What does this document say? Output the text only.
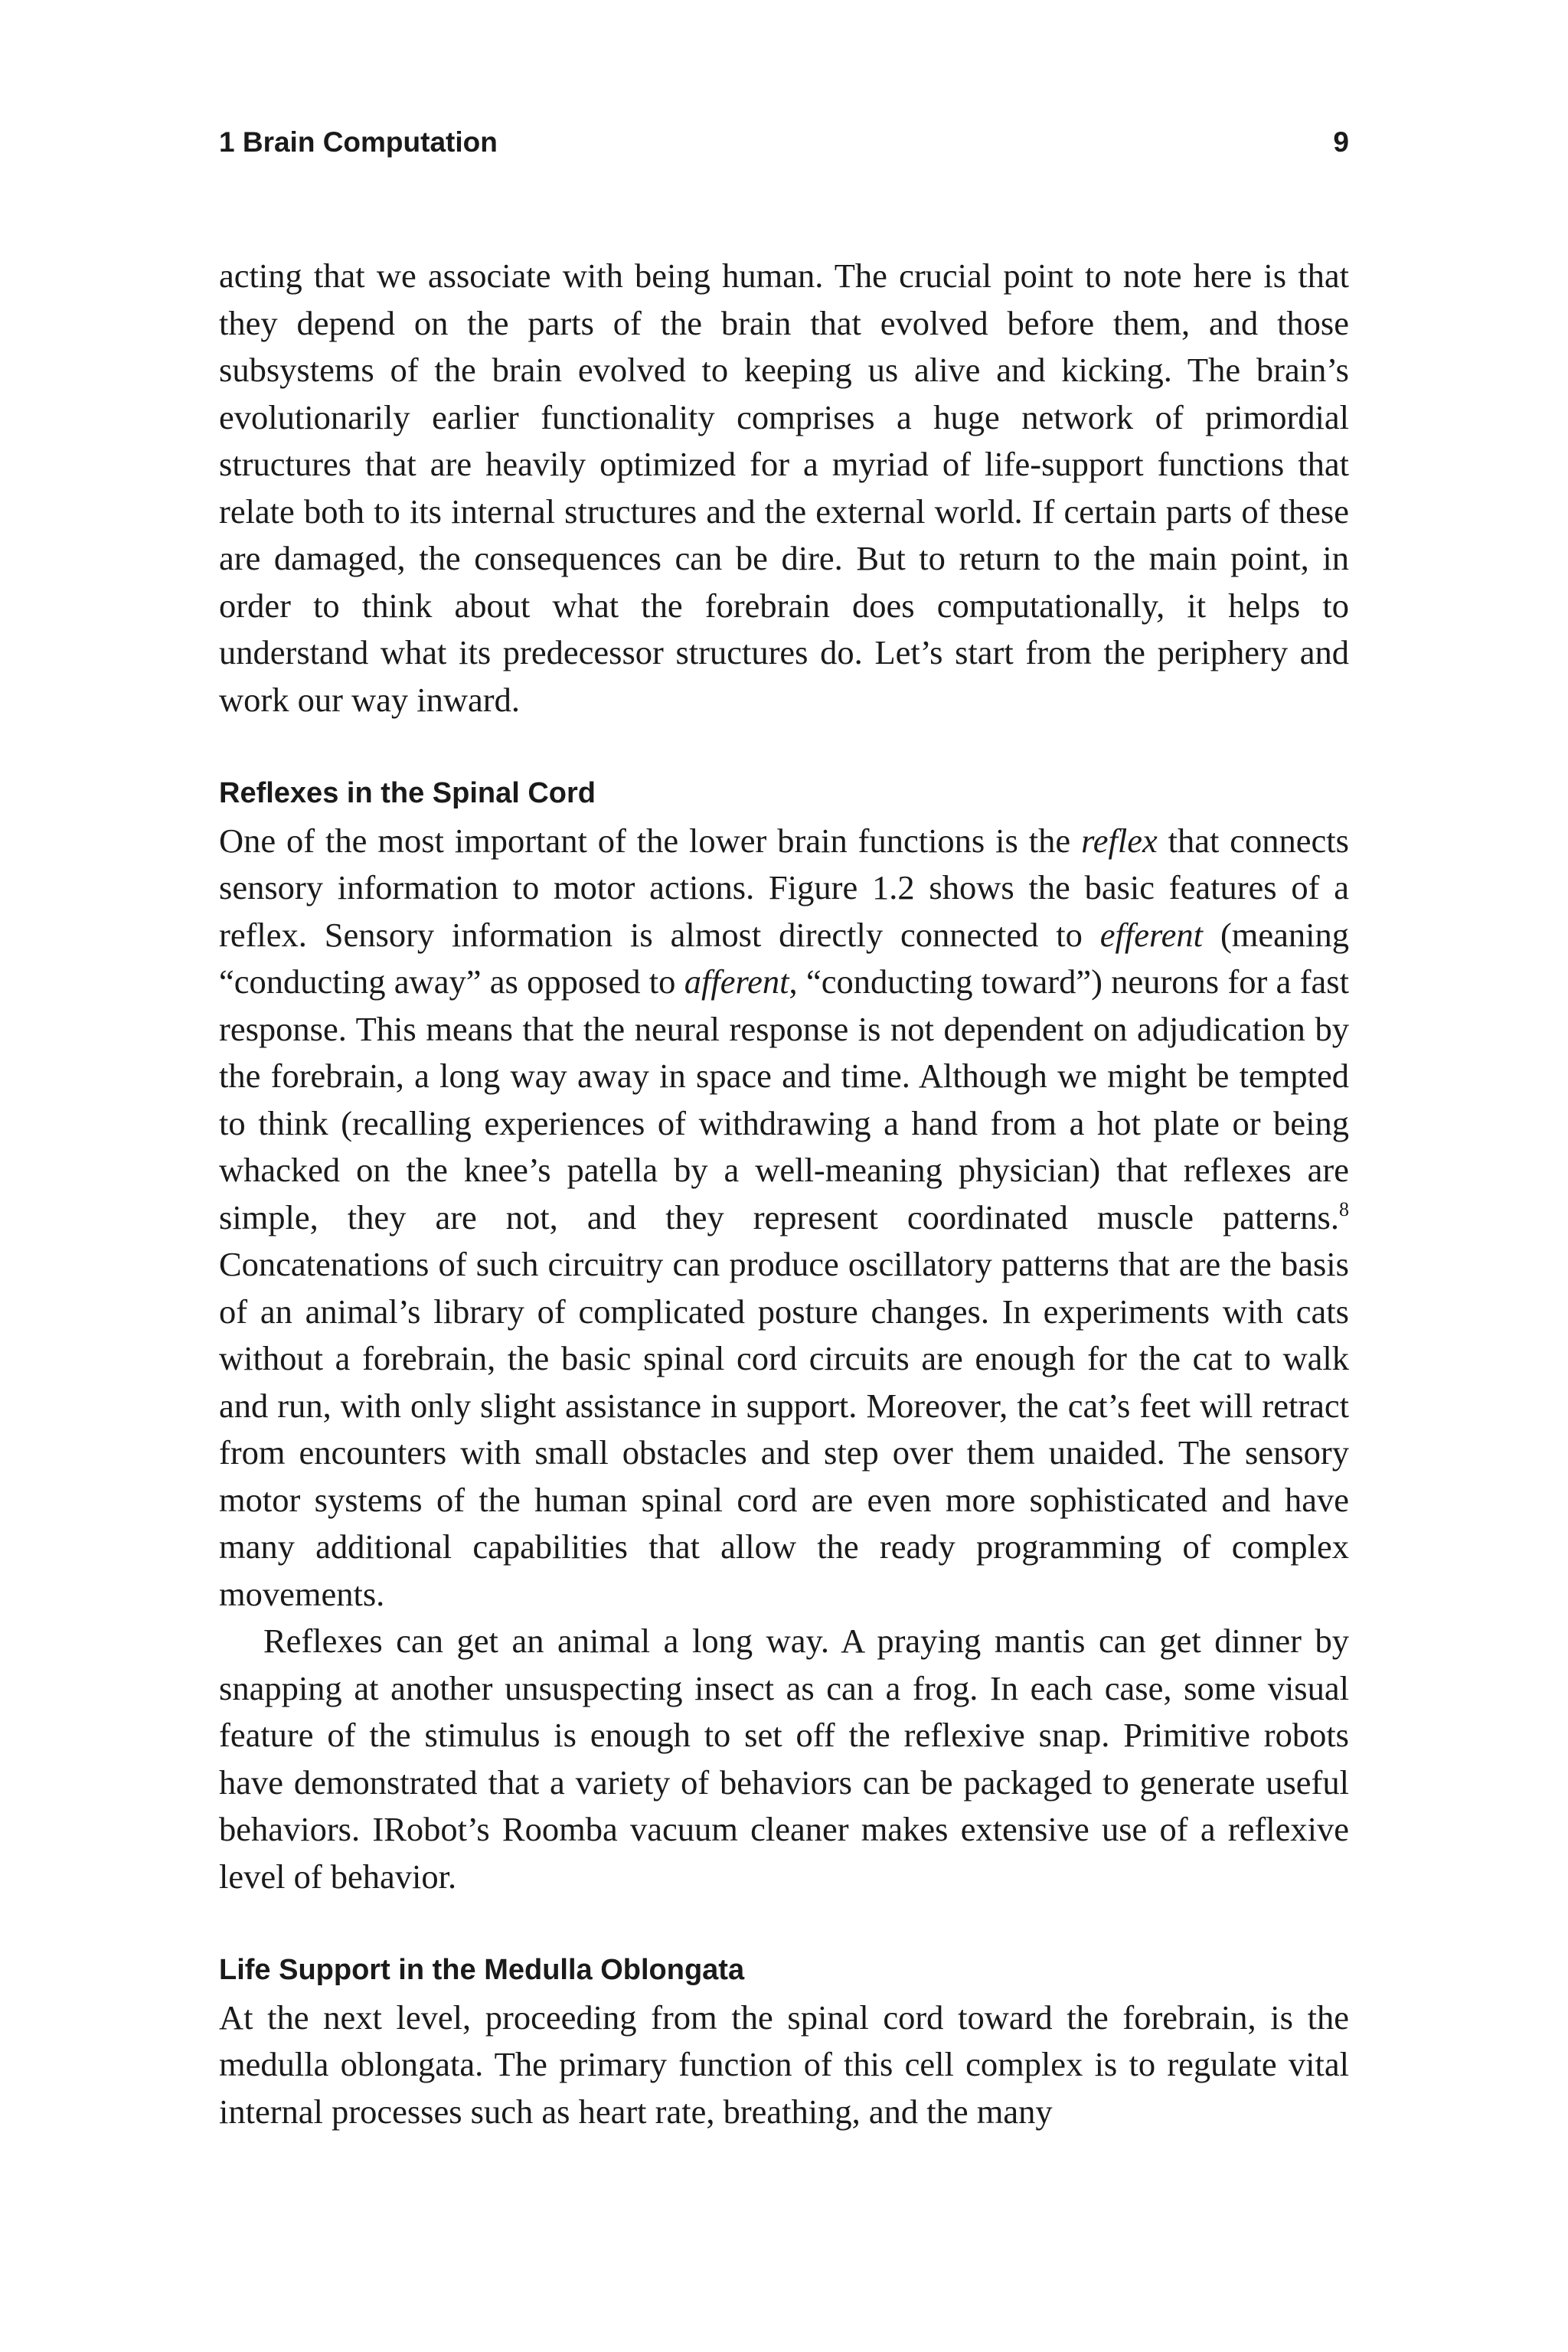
1 Brain Computation	9

acting that we associate with being human. The crucial point to note here is that they depend on the parts of the brain that evolved before them, and those subsystems of the brain evolved to keeping us alive and kicking. The brain’s evolutionarily earlier functionality comprises a huge network of primordial structures that are heavily optimized for a myriad of life-support functions that relate both to its internal structures and the external world. If certain parts of these are damaged, the consequences can be dire. But to return to the main point, in order to think about what the forebrain does computationally, it helps to understand what its predecessor structures do. Let’s start from the periphery and work our way inward.

Reflexes in the Spinal Cord

One of the most important of the lower brain functions is the reflex that connects sensory information to motor actions. Figure 1.2 shows the basic features of a reflex. Sensory information is almost directly connected to efferent (meaning “conducting away” as opposed to afferent, “conducting toward”) neurons for a fast response. This means that the neural response is not dependent on adjudication by the forebrain, a long way away in space and time. Although we might be tempted to think (recalling experiences of withdrawing a hand from a hot plate or being whacked on the knee’s patella by a well-meaning physician) that reflexes are simple, they are not, and they represent coordinated muscle patterns.$^8$ Concatenations of such circuitry can produce oscillatory patterns that are the basis of an animal’s library of complicated posture changes. In experiments with cats without a forebrain, the basic spinal cord circuits are enough for the cat to walk and run, with only slight assistance in support. Moreover, the cat’s feet will retract from encounters with small obstacles and step over them unaided. The sensory motor systems of the human spinal cord are even more sophisticated and have many additional capabilities that allow the ready programming of complex movements.

Reflexes can get an animal a long way. A praying mantis can get dinner by snapping at another unsuspecting insect as can a frog. In each case, some visual feature of the stimulus is enough to set off the reflexive snap. Primitive robots have demonstrated that a variety of behaviors can be packaged to generate useful behaviors. IRobot’s Roomba vacuum cleaner makes extensive use of a reflexive level of behavior.

Life Support in the Medulla Oblongata

At the next level, proceeding from the spinal cord toward the forebrain, is the medulla oblongata. The primary function of this cell complex is to regulate vital internal processes such as heart rate, breathing, and the many
